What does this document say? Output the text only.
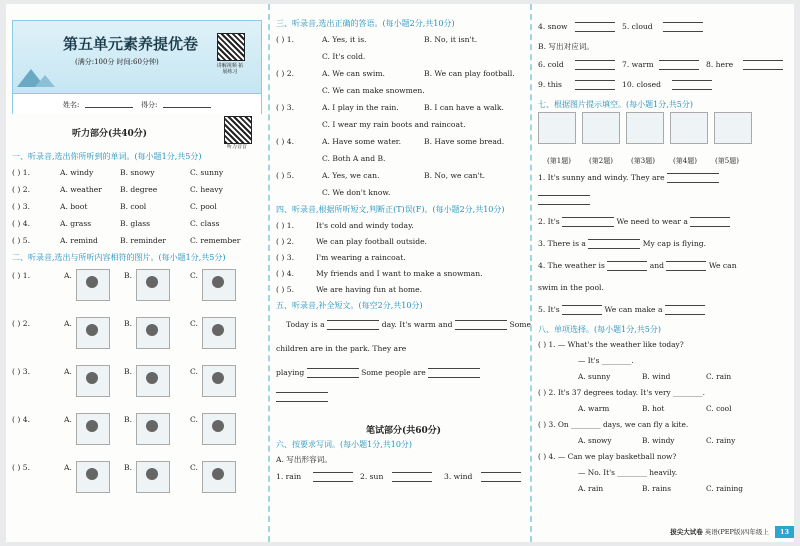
第五单元素养提优卷
(满分:100分 时间:60分钟)	讲解视频 拓展练习
姓名:	得分:
听力部分(共40分)
听力音音
一、听录音,选出你所听到的单词。(每小题1分,共5分)
( ) 1.	A. windy	B. snowy	C. sunny
( ) 2.	A. weather B. degree	C. heavy
( ) 3.	A. boot	B. cool	C. pool
( ) 4.	A. grass	B. glass	C. class
( ) 5.	A. remind	B. reminder	C. remember
二、听录音,选出与所听内容相符的图片。(每小题1分,共5分)
( ) 1.	A.	B.	C.
( ) 2.	A.	B.	C.
( ) 3.	A.	B.	C.
( ) 4.	A.	B.	C.
( ) 5.	A.	B.	C.
三、听录音,选出正确的答语。(每小题2分,共10分)
( ) 1.	A. Yes, it is.	B. No, it isn't.
C. It's cold.
( ) 2.	A. We can swim.	B. We can play football.
C. We can make snowmen.
( ) 3.	A. I play in the rain.	B. I can have a walk.
C. I wear my rain boots and raincoat.
( ) 4.	A. Have some water.	B. Have some bread.
C. Both A and B.
( ) 5.	A. Yes, we can.	B. No, we can't.
C. We don't know.
四、听录音,根据所听短文,判断正(T)误(F)。(每小题2分,共10分)
( ) 1.	It's cold and windy today.
( ) 2.	We can play football outside.
( ) 3.	I'm wearing a raincoat.
( ) 4.	My friends and I want to make a snowman.
( ) 5.	We are having fun at home.
五、听录音,补全短文。(每空2分,共10分)
Today is a	day. It's warm and	Some children are in the park. They are
playing	Some people are

笔试部分(共60分)
六、按要求写词。(每小题1分,共10分)
A. 写出形容词。
1. rain	2. sun	3. wind
4. snow	5. cloud
B. 写出对应词。
6. cold	7. warm	8. here
9. this	10. closed
七、根据图片提示填空。(每小题1分,共5分)
(第1题)	(第2题)	(第3题)	(第4题)	(第5题)
1. It's sunny and windy. They are
2. It's	We need to wear a
3. There is a	My cap is flying.
4. The weather is	and	We can
swim in the pool.
5. It's	We can make a
八、单项选择。(每小题1分,共5分)
( ) 1. — What's the weather like today?
— It's ________.
A. sunny	B. wind	C. rain
( ) 2. It's 37 degrees today. It's very ________.
A. warm	B. hot	C. cool
( ) 3. On ________ days, we can fly a kite.
A. snowy	B. windy	C. rainy
( ) 4. — Can we play basketball now?
— No. It's ________ heavily.
A. rain	B. rains	C. raining
拔尖大试卷 英语(PEP版)四年级上 13
